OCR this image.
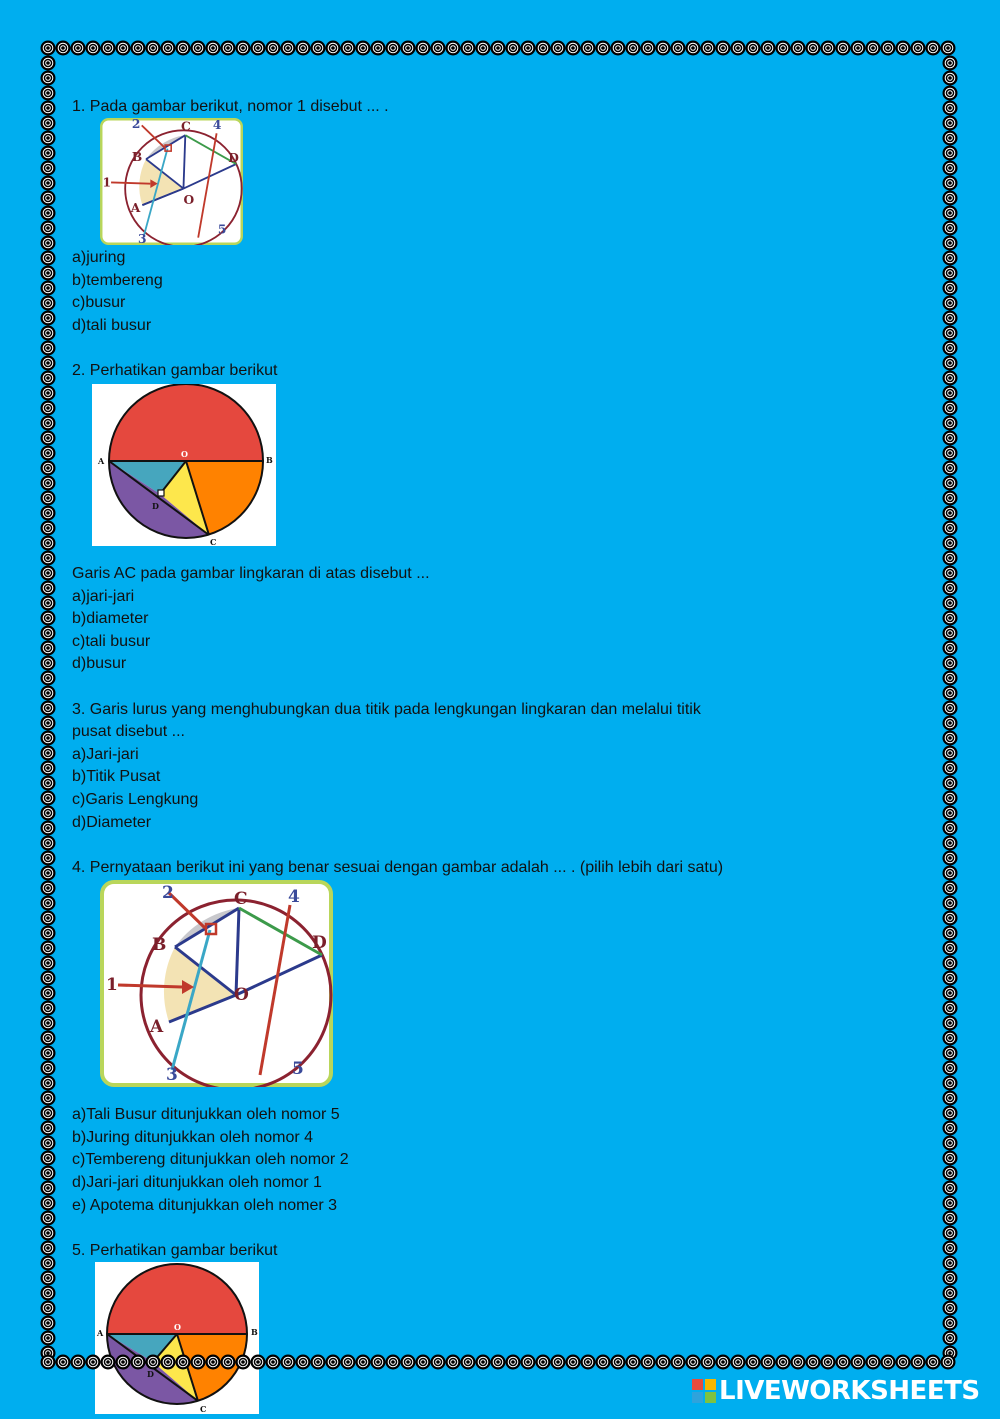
1. Pada gambar berikut, nomor 1 disebut ... .
2 C 4
D
B
1
O
A
3
5
a)juring
b)tembereng
c)busur
d)tali busur
2. Perhatikan gambar berikut
O
A	B
D
C
Garis AC pada gambar lingkaran di atas disebut ...
a)jari-jari
b)diameter
c)tali busur
d)busur
3. Garis lurus yang menghubungkan dua titik pada lengkungan lingkaran dan melalui titik
pusat disebut ...
a)Jari-jari
b)Titik Pusat
c)Garis Lengkung
d)Diameter
4. Pernyataan berikut ini yang benar sesuai dengan gambar adalah ... . (pilih lebih dari satu)
2	C 4
D
B
1	O
A
3	5
a)Tali Busur ditunjukkan oleh nomor 5
b)Juring ditunjukkan oleh nomor 4
c)Tembereng ditunjukkan oleh nomor 2
d)Jari-jari ditunjukkan oleh nomor 1
e) Apotema ditunjukkan oleh nomer 3
5. Perhatikan gambar berikut
O
A	B
D
C
LIVEWORKSHEETS
